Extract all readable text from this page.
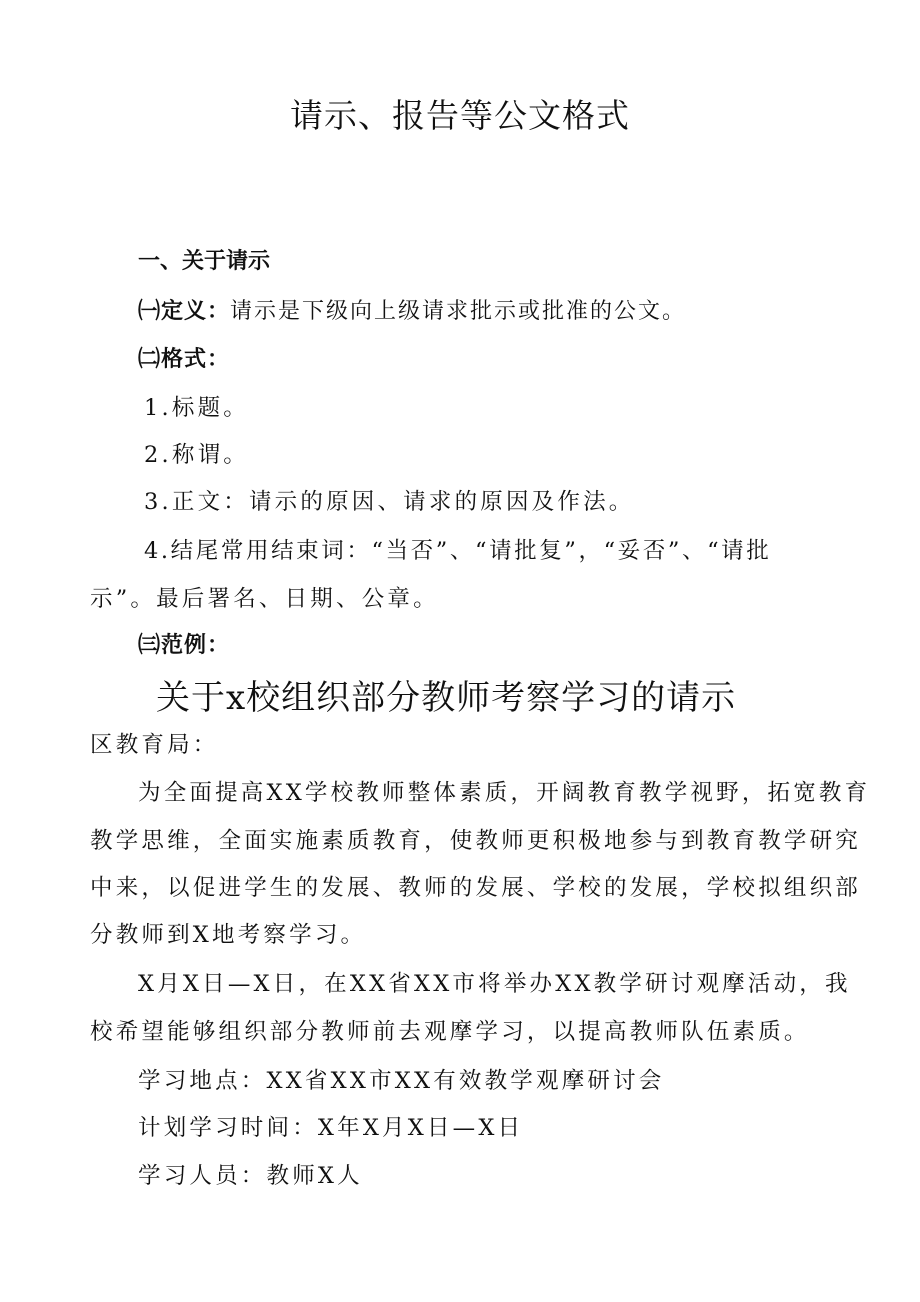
请示、报告等公文格式
一、关于请示
㈠定义：请示是下级向上级请求批示或批准的公文。
㈡格式：
1.标题。
2.称谓。
3.正文：请示的原因、请求的原因及作法。
4.结尾常用结束词：“当否”、“请批复”，“妥否”、“请批
示”。最后署名、日期、公章。
㈢范例：
关于x校组织部分教师考察学习的请示
区教育局：
为全面提高XX学校教师整体素质，开阔教育教学视野，拓宽教育
教学思维，全面实施素质教育，使教师更积极地参与到教育教学研究
中来，以促进学生的发展、教师的发展、学校的发展，学校拟组织部
分教师到X地考察学习。
X月X日—X日，在XX省XX市将举办XX教学研讨观摩活动，我
校希望能够组织部分教师前去观摩学习，以提高教师队伍素质。
学习地点：XX省XX市XX有效教学观摩研讨会
计划学习时间：X年X月X日—X日
学习人员：教师X人
